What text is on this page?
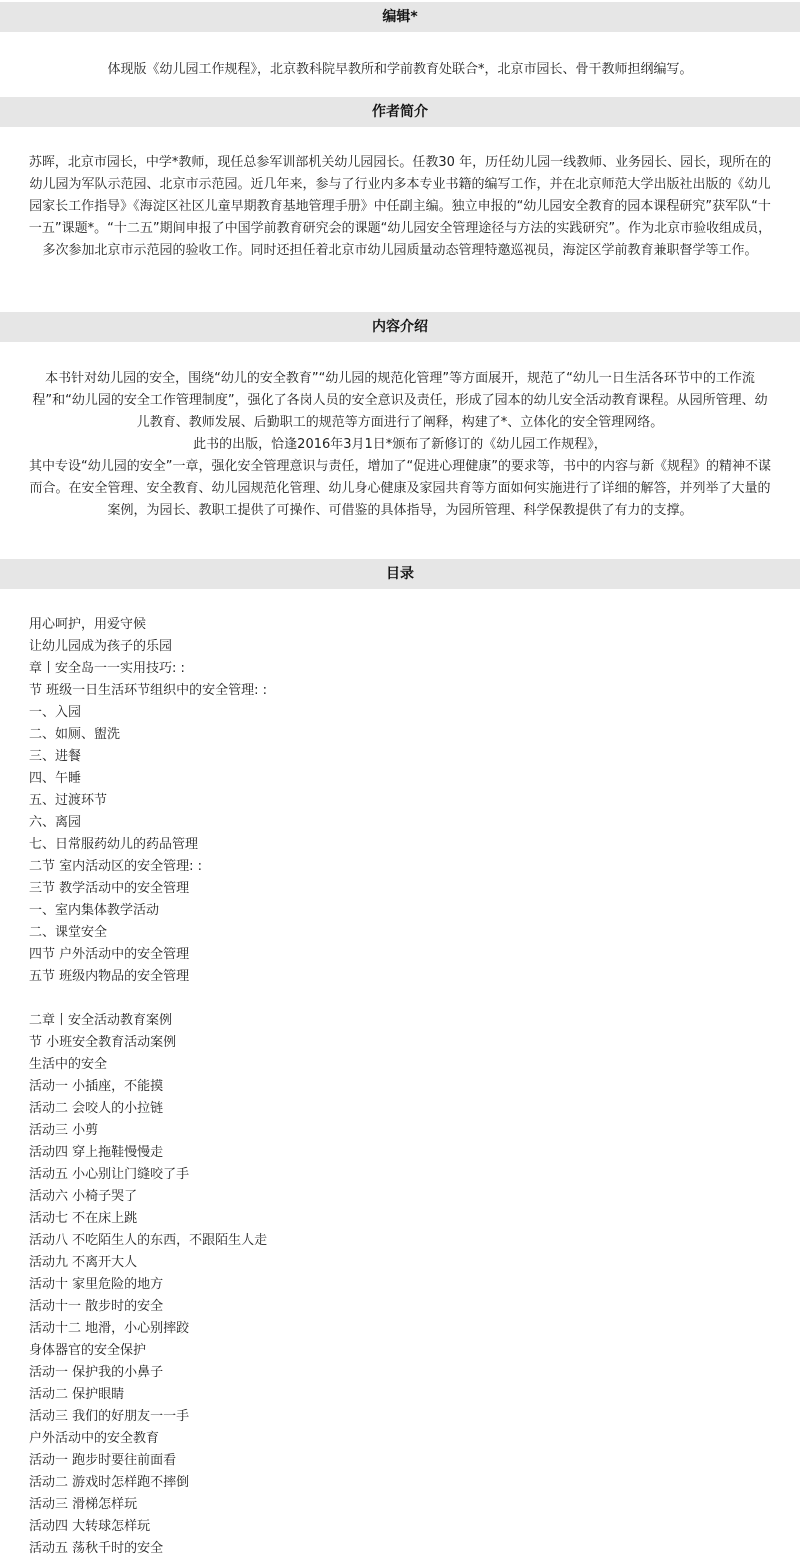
编辑*

体现版《幼儿园工作规程》，北京教科院早教所和学前教育处联合*，北京市园长、骨干教师担纲编写。

作者简介

苏晖，北京市园长，中学*教师，现任总参军训部机关幼儿园园长。任教30 年，历任幼儿园一线教师、业务园长、园长，现所在的幼儿园为军队示范园、北京市示范园。近几年来，参与了行业内多本专业书籍的编写工作，并在北京师范大学出版社出版的《幼儿园家长工作指导》《海淀区社区儿童早期教育基地管理手册》中任副主编。独立申报的“幼儿园安全教育的园本课程研究”获军队“十一五”课题*。“十二五”期间申报了中国学前教育研究会的课题“幼儿园安全管理途径与方法的实践研究”。作为北京市验收组成员，多次参加北京市示范园的验收工作。同时还担任着北京市幼儿园质量动态管理特邀巡视员，海淀区学前教育兼职督学等工作。

内容介绍

本书针对幼儿园的安全，围绕“幼儿的安全教育”“幼儿园的规范化管理”等方面展开，规范了“幼儿一日生活各环节中的工作流程”和“幼儿园的安全工作管理制度”，强化了各岗人员的安全意识及责任，形成了园本的幼儿安全活动教育课程。从园所管理、幼儿教育、教师发展、后勤职工的规范等方面进行了阐释，构建了*、立体化的安全管理网络。

此书的出版，恰逢2016年3月1日*颁布了新修订的《幼儿园工作规程》，

其中专设“幼儿园的安全”一章，强化安全管理意识与责任，增加了“促进心理健康”的要求等，书中的内容与新《规程》的精神不谋而合。在安全管理、安全教育、幼儿园规范化管理、幼儿身心健康及家园共育等方面如何实施进行了详细的解答，并列举了大量的案例，为园长、教职工提供了可操作、可借鉴的具体指导，为园所管理、科学保教提供了有力的支撑。

目录
用心呵护，用爱守候
让幼儿园成为孩子的乐园
章丨安全岛一一实用技巧: :
节 班级一日生活环节组织中的安全管理: :
一、入园
二、如厕、盥洗
三、进餐
四、午睡
五、过渡环节
六、离园
七、日常服药幼儿的药品管理
二节 室内活动区的安全管理: :
三节 教学活动中的安全管理
一、室内集体教学活动
二、课堂安全
四节 户外活动中的安全管理
五节 班级内物品的安全管理
二章丨安全活动教育案例
节 小班安全教育活动案例
生活中的安全
活动一 小插座，不能摸
活动二 会咬人的小拉链
活动三 小剪
活动四 穿上拖鞋慢慢走
活动五 小心别让门缝咬了手
活动六 小椅子哭了
活动七 不在床上跳
活动八 不吃陌生人的东西，不跟陌生人走
活动九 不离开大人
活动十 家里危险的地方
活动十一 散步时的安全
活动十二 地滑，小心别摔跤
身体器官的安全保护
活动一 保护我的小鼻子
活动二 保护眼睛
活动三 我们的好朋友一一手
户外活动中的安全教育
活动一 跑步时要往前面看
活动二 游戏时怎样跑不摔倒
活动三 滑梯怎样玩
活动四 大转球怎样玩
活动五 荡秋千时的安全
